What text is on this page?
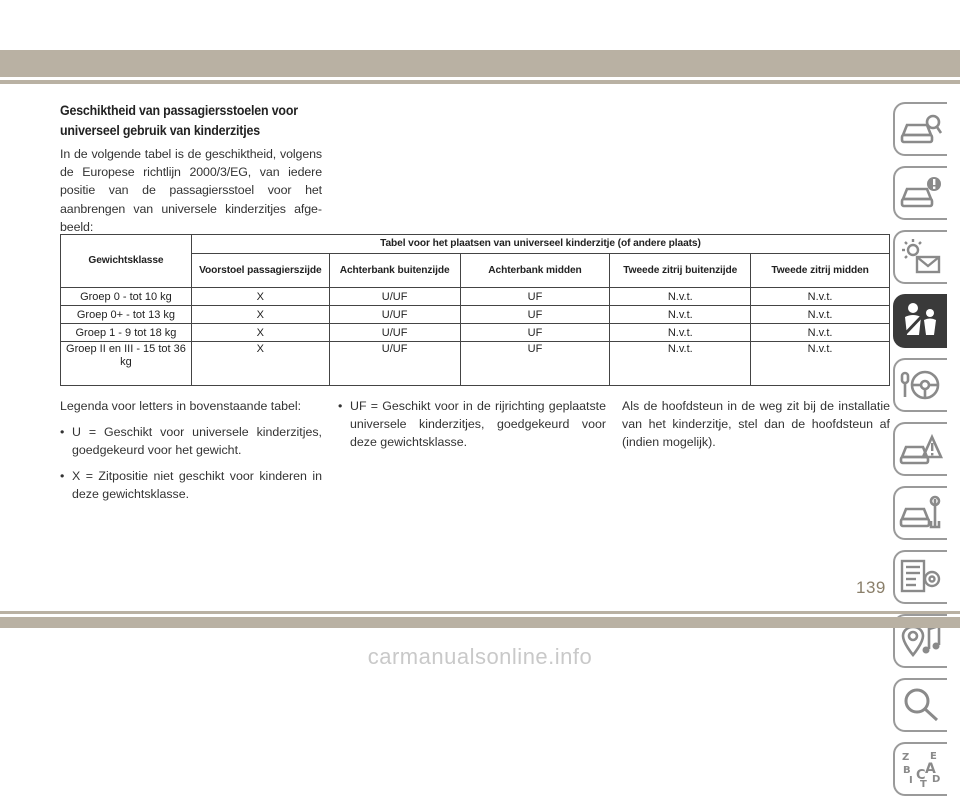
Geschiktheid van passagiersstoelen voor
universeel gebruik van kinderzitjes
In de volgende tabel is de geschiktheid, volgens de Europese richtlijn 2000/3/EG, van iedere positie van de passagiersstoel voor het aanbrengen van universele kinderzitjes afgebeeld:
Gewichtsklasse	Tabel voor het plaatsen van universeel kinderzitje (of andere plaats)				
	Voorstoel passagierszijde	Achterbank buitenzijde	Achterbank midden	Tweede zitrij buitenzijde	Tweede zitrij midden
Groep 0 - tot 10 kg	X	U/UF	UF	N.v.t.	N.v.t.
Groep 0+ - tot 13 kg	X	U/UF	UF	N.v.t.	N.v.t.
Groep 1 - 9 tot 18 kg	X	U/UF	UF	N.v.t.	N.v.t.
Groep II en III - 15 tot 36 kg	X	U/UF	UF	N.v.t.	N.v.t.

Legenda voor letters in bovenstaande tabel:

• U = Geschikt voor universele kinderzitjes, goedgekeurd voor het gewicht.
• X = Zitpositie niet geschikt voor kinderen in deze gewichtsklasse.
• UF = Geschikt voor in de rijrichting geplaatste universele kinderzitjes, goedgekeurd voor deze gewichtsklasse.

Als de hoofdsteun in de weg zit bij de installatie van het kinderzitje, stel dan de hoofdsteun af (indien mogelijk).

Z E
B A
I C
T D
139
carmanualsonline.info
